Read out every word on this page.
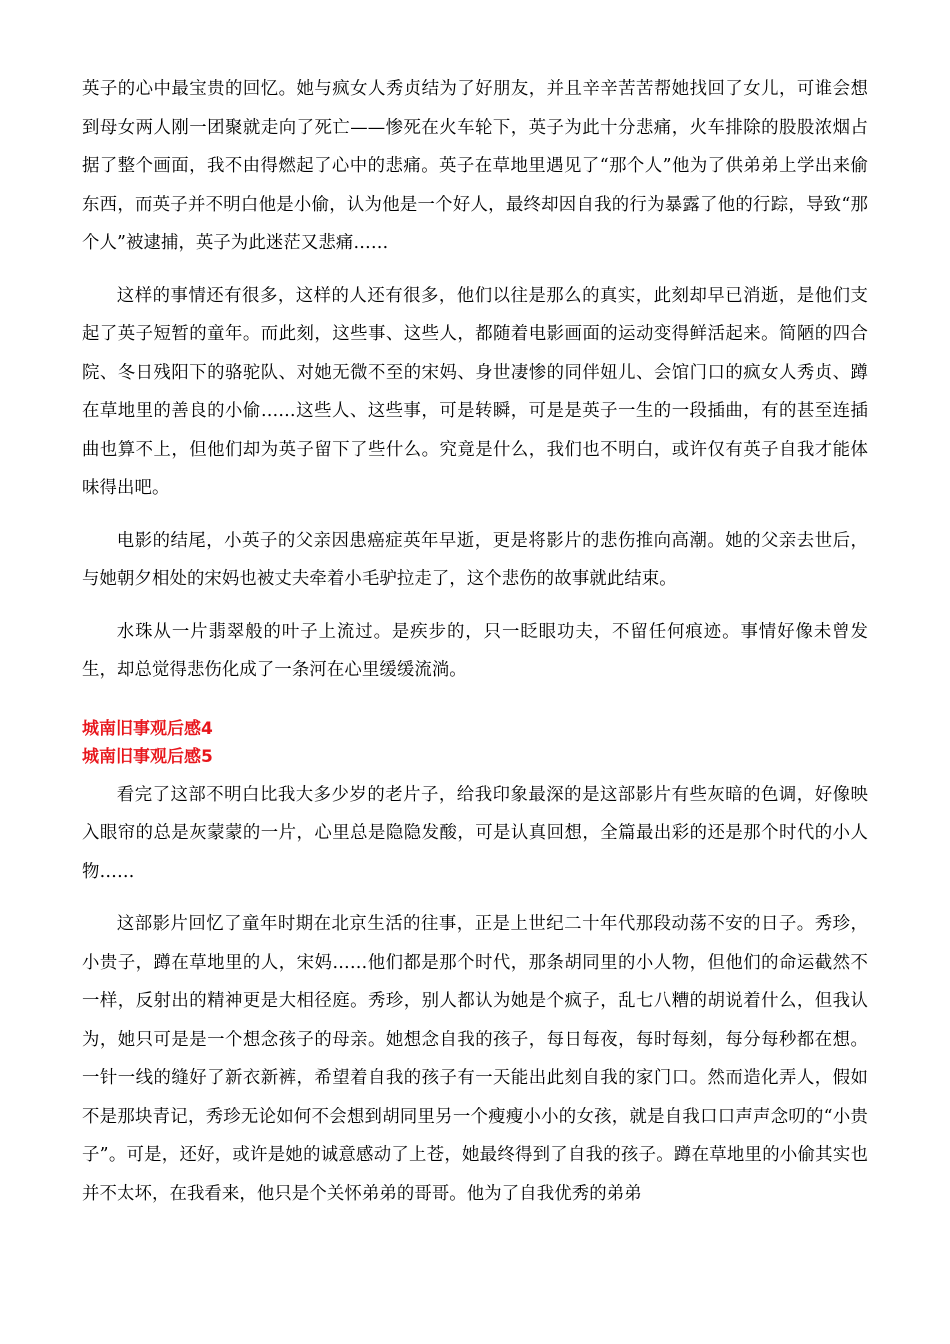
英子的心中最宝贵的回忆。她与疯女人秀贞结为了好朋友，并且辛辛苦苦帮她找回了女儿，可谁会想到母女两人刚一团聚就走向了死亡——惨死在火车轮下，英子为此十分悲痛，火车排除的股股浓烟占据了整个画面，我不由得燃起了心中的悲痛。英子在草地里遇见了“那个人”他为了供弟弟上学出来偷东西，而英子并不明白他是小偷，认为他是一个好人，最终却因自我的行为暴露了他的行踪，导致“那个人”被逮捕，英子为此迷茫又悲痛……

这样的事情还有很多，这样的人还有很多，他们以往是那么的真实，此刻却早已消逝，是他们支起了英子短暂的童年。而此刻，这些事、这些人，都随着电影画面的运动变得鲜活起来。简陋的四合院、冬日残阳下的骆驼队、对她无微不至的宋妈、身世凄惨的同伴妞儿、会馆门口的疯女人秀贞、蹲在草地里的善良的小偷……这些人、这些事，可是转瞬，可是是英子一生的一段插曲，有的甚至连插曲也算不上，但他们却为英子留下了些什么。究竟是什么，我们也不明白，或许仅有英子自我才能体味得出吧。

电影的结尾，小英子的父亲因患癌症英年早逝，更是将影片的悲伤推向高潮。她的父亲去世后，与她朝夕相处的宋妈也被丈夫牵着小毛驴拉走了，这个悲伤的故事就此结束。

水珠从一片翡翠般的叶子上流过。是疾步的，只一眨眼功夫，不留任何痕迹。事情好像未曾发生，却总觉得悲伤化成了一条河在心里缓缓流淌。

城南旧事观后感4
城南旧事观后感5

看完了这部不明白比我大多少岁的老片子，给我印象最深的是这部影片有些灰暗的色调，好像映入眼帘的总是灰蒙蒙的一片，心里总是隐隐发酸，可是认真回想，全篇最出彩的还是那个时代的小人物……

这部影片回忆了童年时期在北京生活的往事，正是上世纪二十年代那段动荡不安的日子。秀珍，小贵子，蹲在草地里的人，宋妈……他们都是那个时代，那条胡同里的小人物，但他们的命运截然不一样，反射出的精神更是大相径庭。秀珍，别人都认为她是个疯子，乱七八糟的胡说着什么，但我认为，她只可是是一个想念孩子的母亲。她想念自我的孩子，每日每夜，每时每刻，每分每秒都在想。一针一线的缝好了新衣新裤，希望着自我的孩子有一天能出此刻自我的家门口。然而造化弄人，假如不是那块青记，秀珍无论如何不会想到胡同里另一个瘦瘦小小的女孩，就是自我口口声声念叨的“小贵子”。可是，还好，或许是她的诚意感动了上苍，她最终得到了自我的孩子。蹲在草地里的小偷其实也并不太坏，在我看来，他只是个关怀弟弟的哥哥。他为了自我优秀的弟弟
